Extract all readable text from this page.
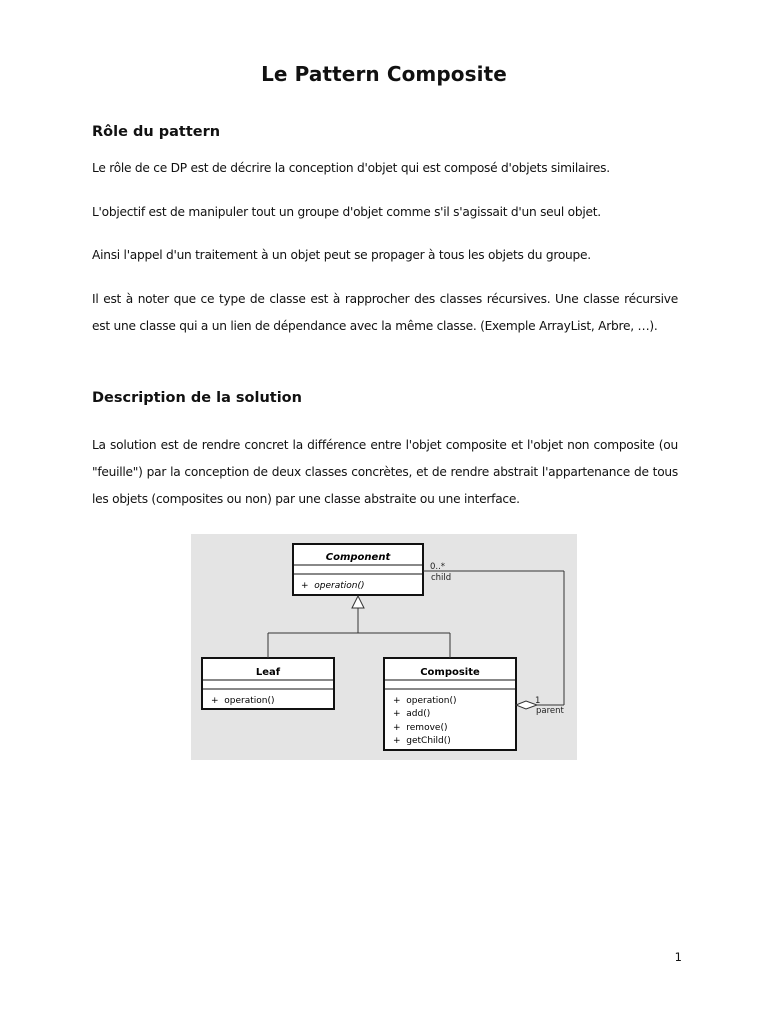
Le Pattern Composite
Rôle du pattern

Le rôle de ce DP est de décrire la conception d'objet qui est composé d'objets similaires.

L'objectif est de manipuler tout un groupe d'objet comme s'il s'agissait d'un seul objet.

Ainsi l'appel d'un traitement à un objet peut se propager à tous les objets du groupe.

Il est à noter que ce type de classe est à rapprocher des classes récursives. Une classe récursive est une classe qui a un lien de dépendance avec la même classe. (Exemple ArrayList, Arbre, …).

Description de la solution

La solution est de rendre concret la différence entre l'objet composite et l'objet non composite (ou "feuille") par la conception de deux classes concrètes, et de rendre abstrait l'appartenance de tous les objets (composites ou non) par une classe abstraite ou une interface.

Component
+  operation()
Leaf
+  operation()
Composite
+  operation()
+  add()
+  remove()
+  getChild()
0..*
child
1
parent
1
